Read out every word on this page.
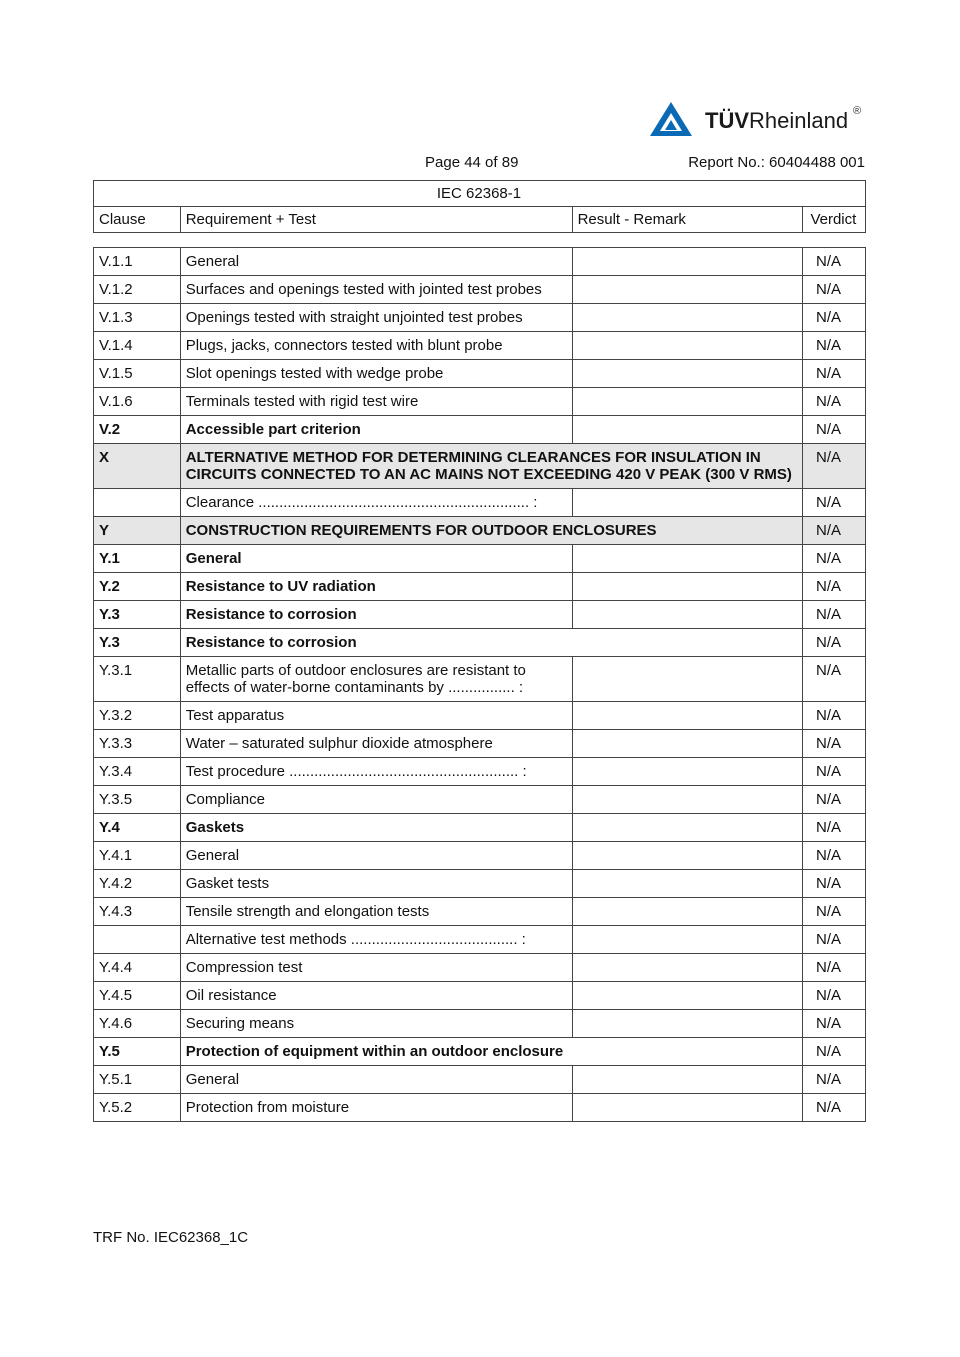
TÜVRheinland ®
Page 44 of 89	Report No.: 60404488 001
IEC 62368-1
Clause	Requirement + Test	Result - Remark	Verdict
V.1.1	General		N/A
V.1.2	Surfaces and openings tested with jointed test probes		N/A
V.1.3	Openings tested with straight unjointed test probes		N/A
V.1.4	Plugs, jacks, connectors tested with blunt probe		N/A
V.1.5	Slot openings tested with wedge probe		N/A
V.1.6	Terminals tested with rigid test wire		N/A
V.2	Accessible part criterion		N/A
X	ALTERNATIVE METHOD FOR DETERMINING CLEARANCES FOR INSULATION IN CIRCUITS CONNECTED TO AN AC MAINS NOT EXCEEDING 420 V PEAK (300 V RMS)		N/A
	Clearance ................................................................. :		N/A
Y	CONSTRUCTION REQUIREMENTS FOR OUTDOOR ENCLOSURES		N/A
Y.1	General		N/A
Y.2	Resistance to UV radiation		N/A
Y.3	Resistance to corrosion		N/A
Y.3	Resistance to corrosion		N/A
Y.3.1	Metallic parts of outdoor enclosures are resistant to effects of water-borne contaminants by ................ :		N/A
Y.3.2	Test apparatus		N/A
Y.3.3	Water – saturated sulphur dioxide atmosphere		N/A
Y.3.4	Test procedure ....................................................... :		N/A
Y.3.5	Compliance		N/A
Y.4	Gaskets		N/A
Y.4.1	General		N/A
Y.4.2	Gasket tests		N/A
Y.4.3	Tensile strength and elongation tests		N/A
	Alternative test methods ........................................ :		N/A
Y.4.4	Compression test		N/A
Y.4.5	Oil resistance		N/A
Y.4.6	Securing means		N/A
Y.5	Protection of equipment within an outdoor enclosure		N/A
Y.5.1	General		N/A
Y.5.2	Protection from moisture		N/A
TRF No. IEC62368_1C
